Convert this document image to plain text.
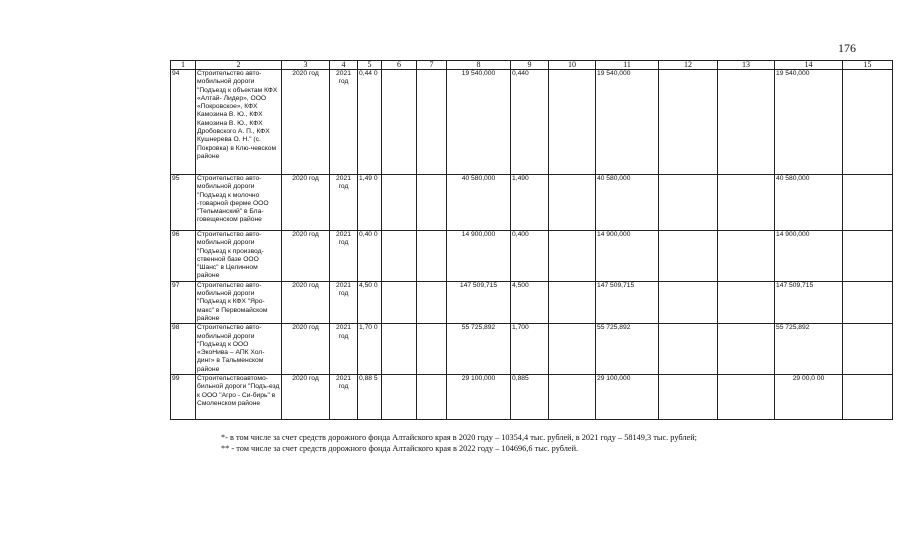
176
1	2	3	4	5	6	7	8	9	10	11	12	13	14	15
94	Строительство авто-мобильной дороги "Подъезд к объектам КФХ «Алтай- Лидер», ООО «Покровское», КФХ Камозина В. Ю., КФХ Камозина В. Ю., КФХ Дробовского А. П., КФХ Кушнерева О. Н." (с. Покровка) в Клю-чевском районе	2020 год	2021 год	0,44 0			19 540,000	0,440		19 540,000			19 540,000	
95	Строительство авто-мобильной дороги "Подъезд к молочно -товарной ферме ООО "Тельманский" в Бла-говещенском районе	2020 год	2021 год	1,49 0			40 580,000	1,490		40 580,000			40 580,000	
96	Строительство авто-мобильной дороги "Подъезд к производ-ственной базе ООО "Шанс" в Целинном районе	2020 год	2021 год	0,40 0			14 900,000	0,400		14 900,000			14 900,000	
97	Строительство авто-мобильной дороги "Подъезд к КФХ "Яро-макс" в Первомайском районе	2020 год	2021 год	4,50 0			147 509,715	4,500		147 509,715			147 509,715	
98	Строительство авто-мобильной дороги "Подъезд к ООО «ЭкоНива – АПК Хол-динг» в Тальменском районе	2020 год	2021 год	1,70 0			55 725,892	1,700		55 725,892			55 725,892	
99	Строительствоавтомо-бильной дороги "Подъ-езд к ООО "Агро - Си-бирь" в Смоленском районе	2020 год	2021 год	0,88 5			29 100,000	0,885		29 100,000			29 00,0 00	
*- в том числе за счет средств дорожного фонда Алтайского края в 2020 году – 10354,4 тыс. рублей, в 2021 году – 58149,3 тыс. рублей;
** - том числе за счет средств дорожного фонда Алтайского края в 2022 году – 104696,6 тыс. рублей.
